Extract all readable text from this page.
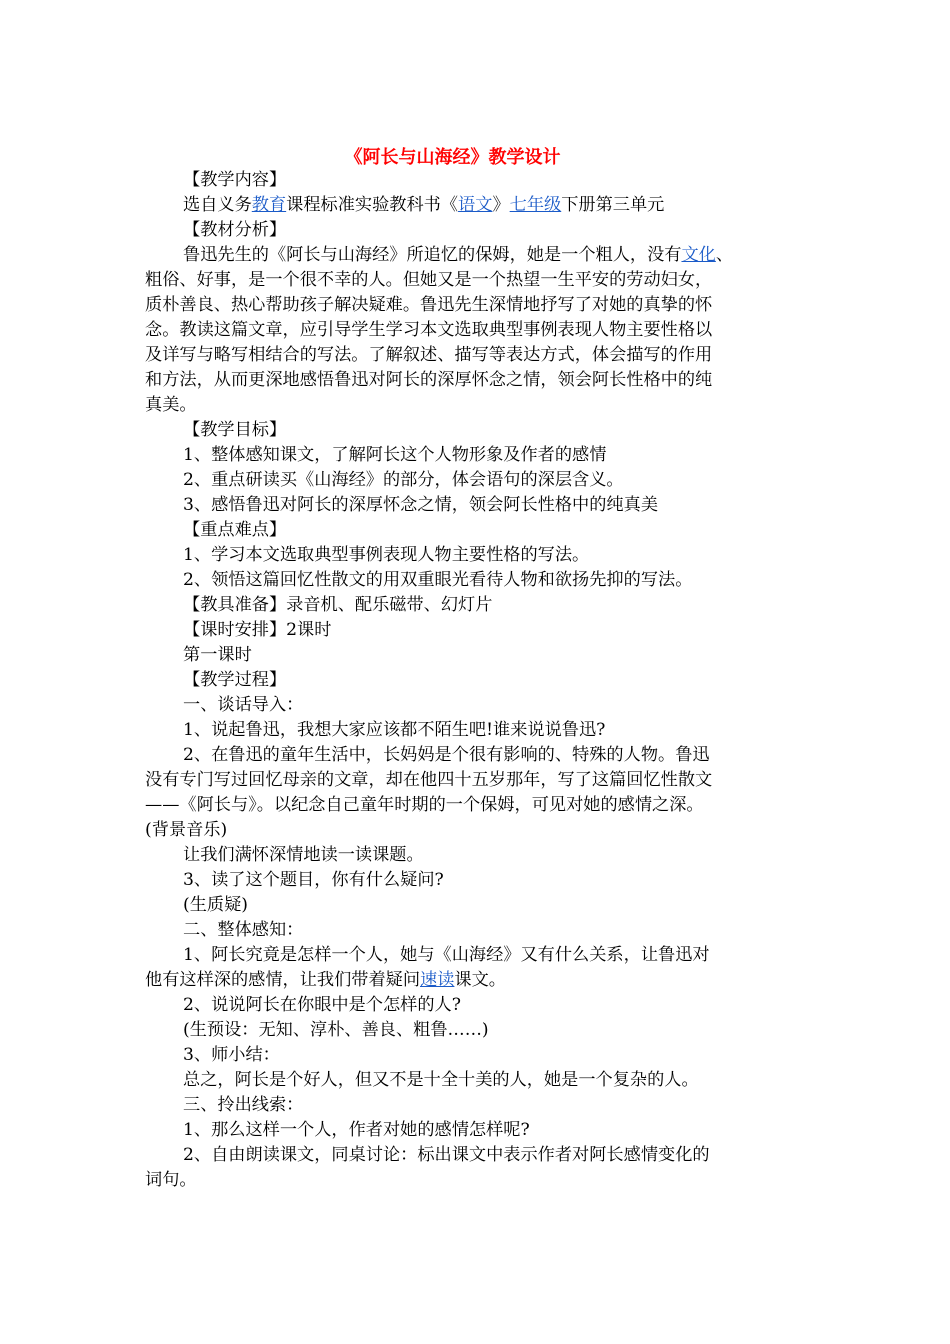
《阿长与山海经》教学设计
【教学内容】
选自义务教育课程标准实验教科书《语文》七年级下册第三单元
【教材分析】
鲁迅先生的《阿长与山海经》所追忆的保姆，她是一个粗人，没有文化、
粗俗、好事，是一个很不幸的人。但她又是一个热望一生平安的劳动妇女，
质朴善良、热心帮助孩子解决疑难。鲁迅先生深情地抒写了对她的真挚的怀
念。教读这篇文章，应引导学生学习本文选取典型事例表现人物主要性格以
及详写与略写相结合的写法。了解叙述、描写等表达方式，体会描写的作用
和方法，从而更深地感悟鲁迅对阿长的深厚怀念之情，领会阿长性格中的纯
真美。
【教学目标】
1、整体感知课文，了解阿长这个人物形象及作者的感情
2、重点研读买《山海经》的部分，体会语句的深层含义。
3、感悟鲁迅对阿长的深厚怀念之情，领会阿长性格中的纯真美
【重点难点】
1、学习本文选取典型事例表现人物主要性格的写法。
2、领悟这篇回忆性散文的用双重眼光看待人物和欲扬先抑的写法。
【教具准备】录音机、配乐磁带、幻灯片
【课时安排】2课时
第一课时
【教学过程】
一、谈话导入：
1、说起鲁迅，我想大家应该都不陌生吧!谁来说说鲁迅?
2、在鲁迅的童年生活中，长妈妈是个很有影响的、特殊的人物。鲁迅
没有专门写过回忆母亲的文章，却在他四十五岁那年，写了这篇回忆性散文
——《阿长与》。以纪念自己童年时期的一个保姆，可见对她的感情之深。
(背景音乐)
让我们满怀深情地读一读课题。
3、读了这个题目，你有什么疑问?
(生质疑)
二、整体感知：
1、阿长究竟是怎样一个人，她与《山海经》又有什么关系，让鲁迅对
他有这样深的感情，让我们带着疑问速读课文。
2、说说阿长在你眼中是个怎样的人?
(生预设：无知、淳朴、善良、粗鲁……)
3、师小结：
总之，阿长是个好人，但又不是十全十美的人，她是一个复杂的人。
三、拎出线索：
1、那么这样一个人，作者对她的感情怎样呢?
2、自由朗读课文，同桌讨论：标出课文中表示作者对阿长感情变化的
词句。
